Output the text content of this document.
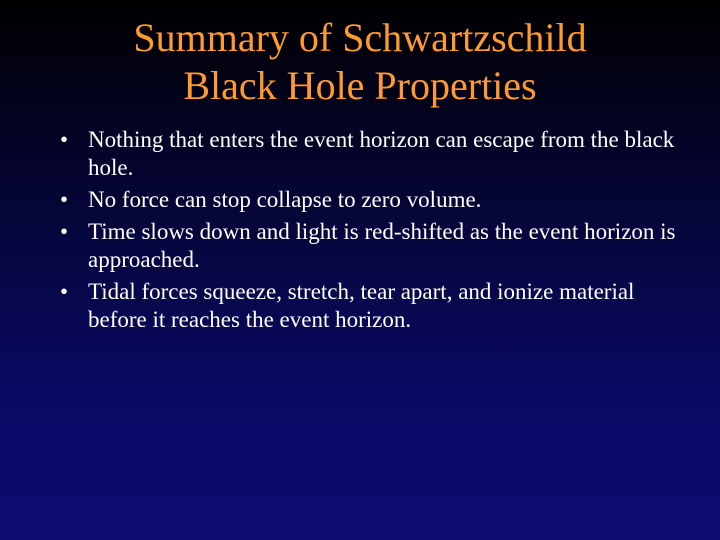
Summary of Schwartzschild
Black Hole Properties
• Nothing that enters the event horizon can escape from the black hole.
• No force can stop collapse to zero volume.
• Time slows down and light is red-shifted as the event horizon is approached.
• Tidal forces squeeze, stretch, tear apart, and ionize material before it reaches the event horizon.
